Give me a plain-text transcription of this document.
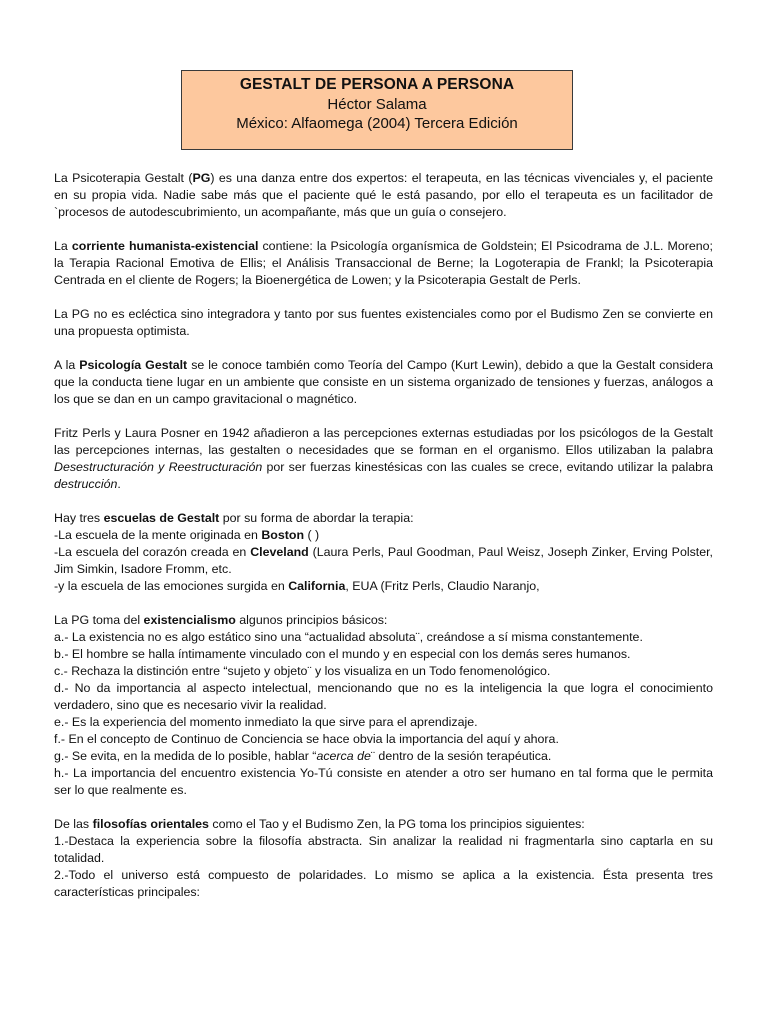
GESTALT DE PERSONA A PERSONA
Héctor Salama
México: Alfaomega (2004) Tercera Edición

La Psicoterapia Gestalt (PG) es una danza entre dos expertos: el terapeuta, en las técnicas vivenciales y, el paciente en su propia vida. Nadie sabe más que el paciente qué le está pasando, por ello el terapeuta es un facilitador de `procesos de autodescubrimiento, un acompañante, más que un guía o consejero.

La corriente humanista-existencial contiene: la Psicología organísmica de Goldstein; El Psicodrama de J.L. Moreno; la Terapia Racional Emotiva de Ellis; el Análisis Transaccional de Berne; la Logoterapia de Frankl; la Psicoterapia Centrada en el cliente de Rogers; la Bioenergética de Lowen; y la Psicoterapia Gestalt de Perls.

La PG no es ecléctica sino integradora y tanto por sus fuentes existenciales como por el Budismo Zen se convierte en una propuesta optimista.

A la Psicología Gestalt se le conoce también como Teoría del Campo (Kurt Lewin), debido a que la Gestalt considera que la conducta tiene lugar en un ambiente que consiste en un sistema organizado de tensiones y fuerzas, análogos a los que se dan en un campo gravitacional o magnético.

Fritz Perls y Laura Posner en 1942 añadieron a las percepciones externas estudiadas por los psicólogos de la Gestalt las percepciones internas, las gestalten o necesidades que se forman en el organismo. Ellos utilizaban la palabra Desestructuración y Reestructuración por ser fuerzas kinestésicas con las cuales se crece, evitando utilizar la palabra destrucción.

Hay tres escuelas de Gestalt por su forma de abordar la terapia:
-La escuela de la mente originada en Boston ( )
-La escuela del corazón creada en Cleveland (Laura Perls, Paul Goodman, Paul Weisz, Joseph Zinker, Erving Polster, Jim Simkin, Isadore Fromm, etc.
-y la escuela de las emociones surgida en California, EUA (Fritz Perls, Claudio Naranjo,

La PG toma del existencialismo algunos principios básicos:
a.- La existencia no es algo estático sino una “actualidad absoluta¨, creándose a sí misma constantemente.
b.- El hombre se halla íntimamente vinculado con el mundo y en especial con los demás seres humanos.
c.- Rechaza la distinción entre “sujeto y objeto¨ y los visualiza en un Todo fenomenológico.
d.- No da importancia al aspecto intelectual, mencionando que no es la inteligencia la que logra el conocimiento verdadero, sino que es necesario vivir la realidad.
e.- Es la experiencia del momento inmediato la que sirve para el aprendizaje.
f.- En el concepto de Continuo de Conciencia se hace obvia la importancia del aquí y ahora.
g.- Se evita, en la medida de lo posible, hablar “acerca de¨ dentro de la sesión terapéutica.
h.- La importancia del encuentro existencia Yo-Tú consiste en atender a otro ser humano en tal forma que le permita ser lo que realmente es.

De las filosofías orientales como el Tao y el Budismo Zen, la PG toma los principios siguientes:
1.-Destaca la experiencia sobre la filosofía abstracta. Sin analizar la realidad ni fragmentarla sino captarla en su totalidad.
2.-Todo el universo está compuesto de polaridades. Lo mismo se aplica a la existencia. Ésta presenta tres características principales:
